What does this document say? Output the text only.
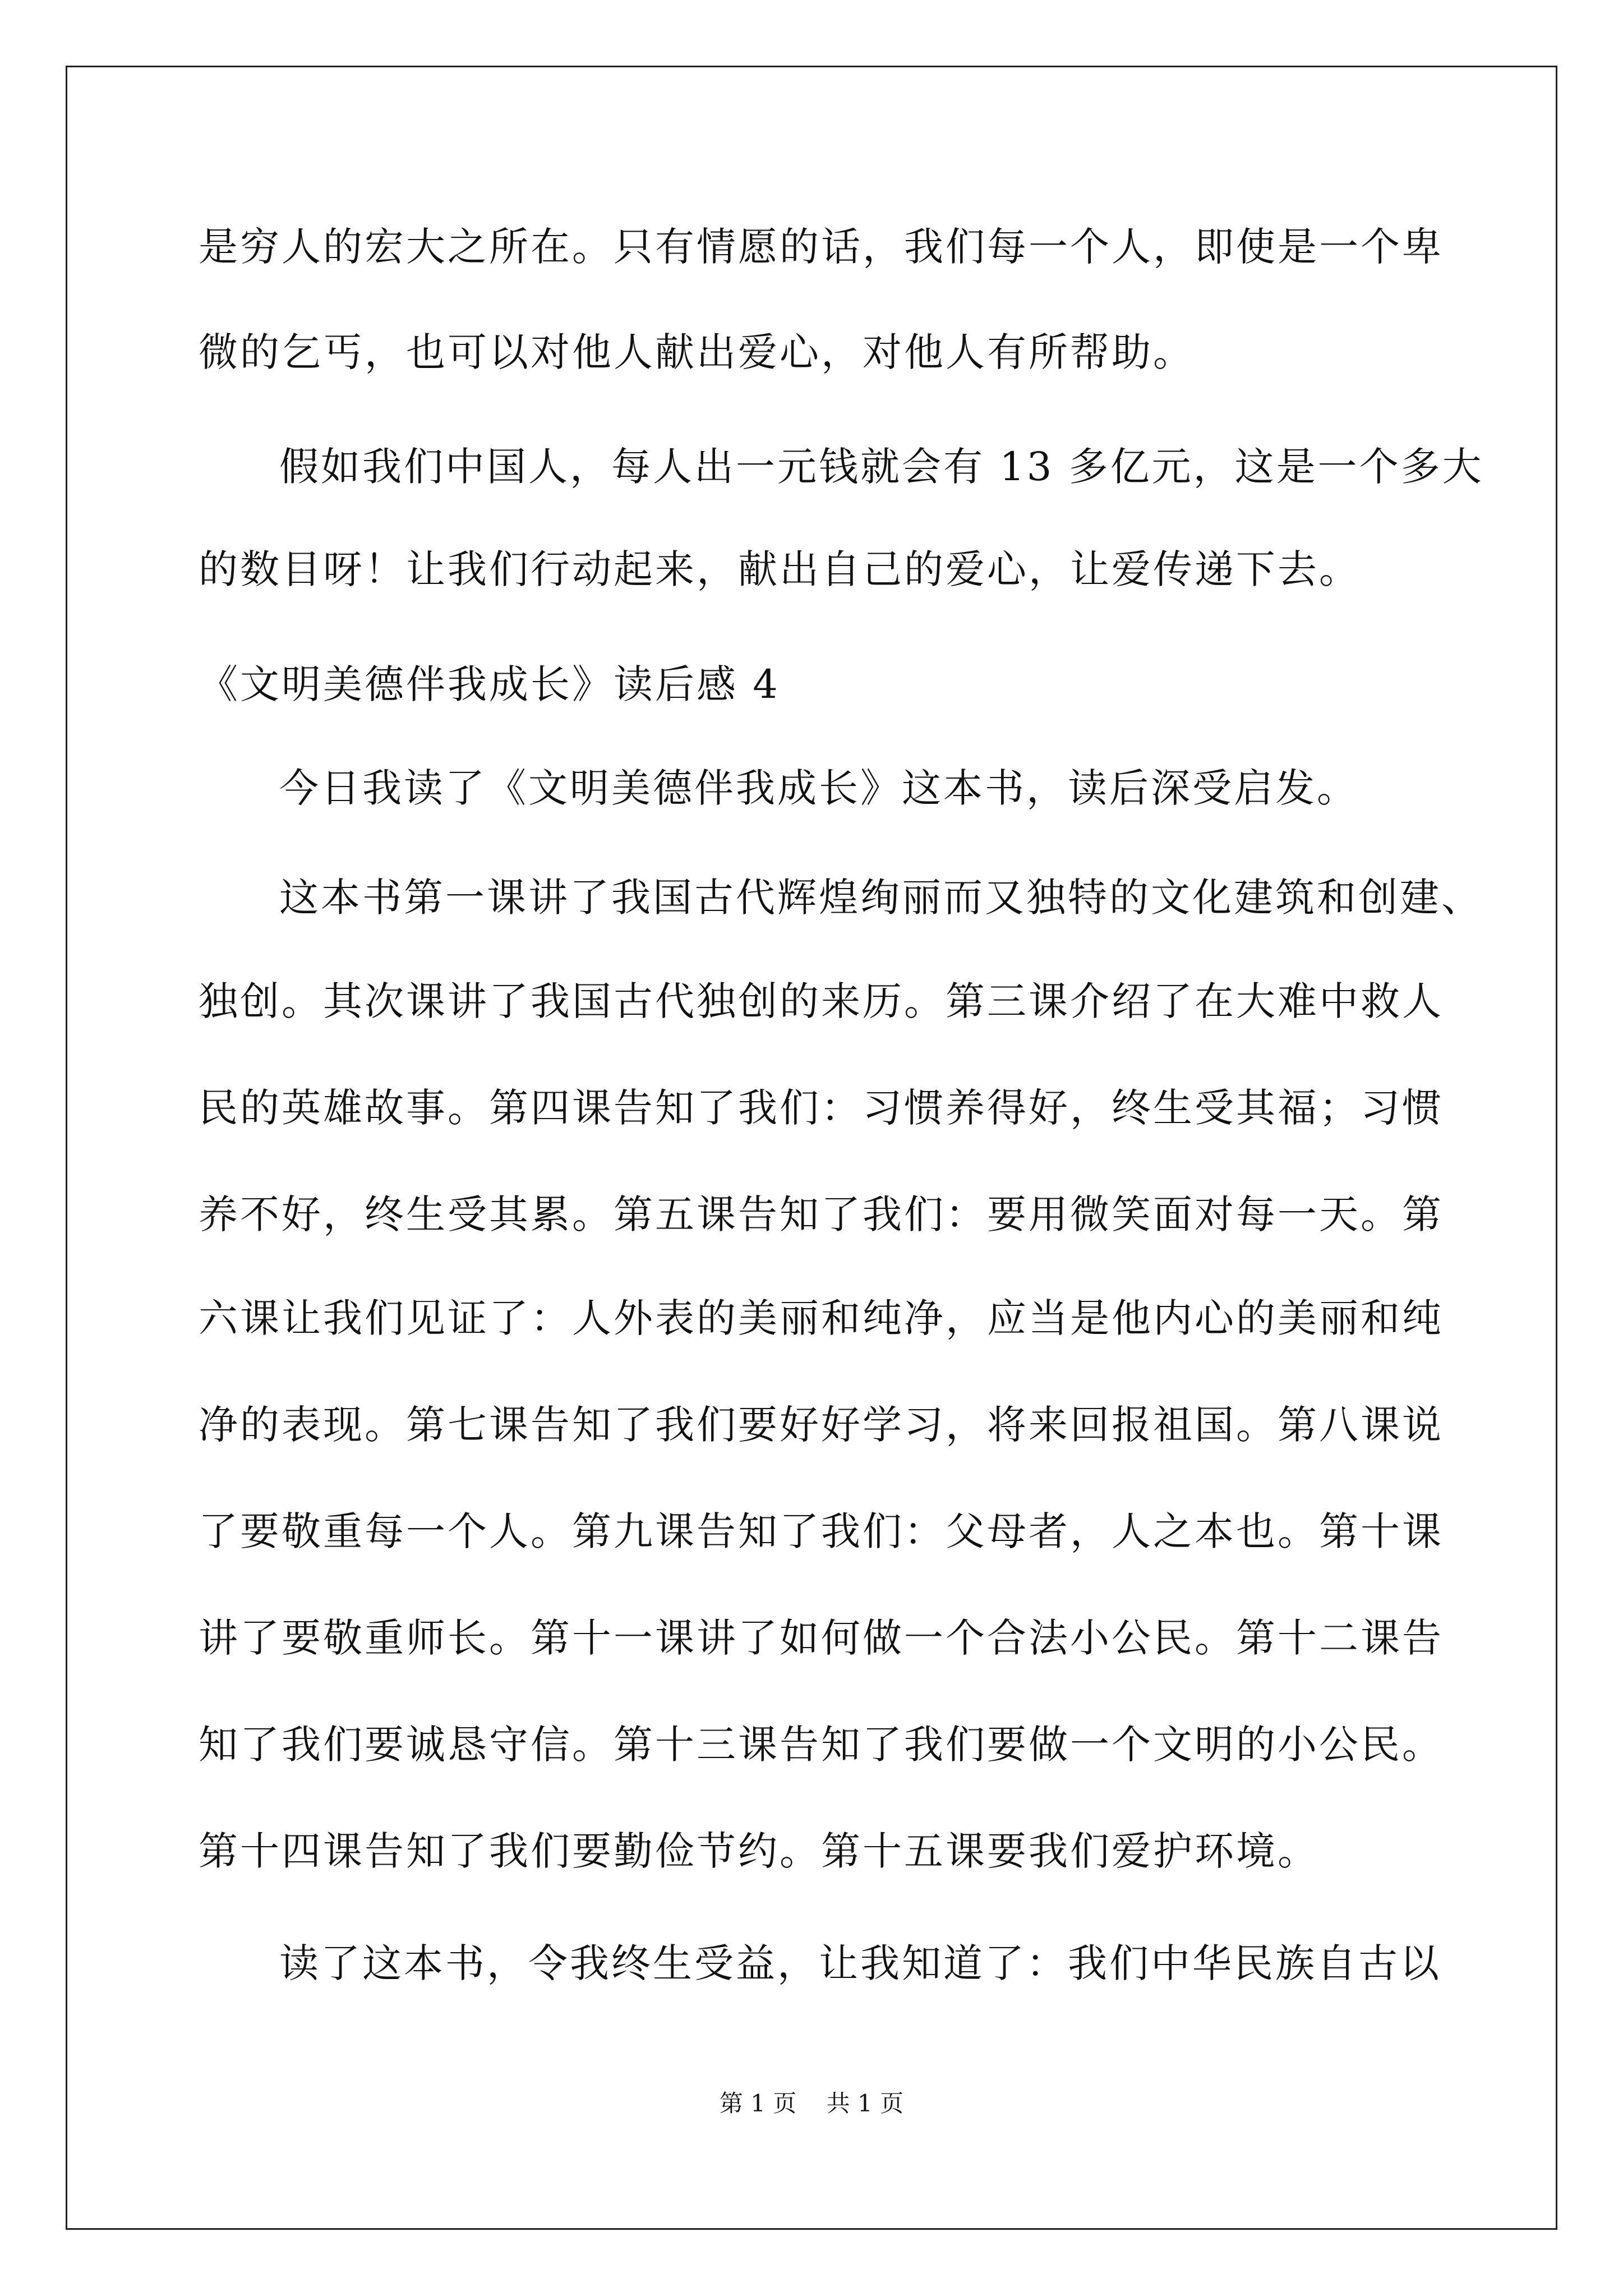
是穷人的宏大之所在。只有情愿的话，我们每一个人，即使是一个卑
微的乞丐，也可以对他人献出爱心，对他人有所帮助。
假如我们中国人，每人出一元钱就会有 13 多亿元，这是一个多大
的数目呀！让我们行动起来，献出自己的爱心，让爱传递下去。
《文明美德伴我成长》读后感 4
今日我读了《文明美德伴我成长》这本书，读后深受启发。
这本书第一课讲了我国古代辉煌绚丽而又独特的文化建筑和创建、
独创。其次课讲了我国古代独创的来历。第三课介绍了在大难中救人
民的英雄故事。第四课告知了我们：习惯养得好，终生受其福；习惯
养不好，终生受其累。第五课告知了我们：要用微笑面对每一天。第
六课让我们见证了：人外表的美丽和纯净，应当是他内心的美丽和纯
净的表现。第七课告知了我们要好好学习，将来回报祖国。第八课说
了要敬重每一个人。第九课告知了我们：父母者，人之本也。第十课
讲了要敬重师长。第十一课讲了如何做一个合法小公民。第十二课告
知了我们要诚恳守信。第十三课告知了我们要做一个文明的小公民。
第十四课告知了我们要勤俭节约。第十五课要我们爱护环境。
读了这本书，令我终生受益，让我知道了：我们中华民族自古以
第 1 页 共 1 页
